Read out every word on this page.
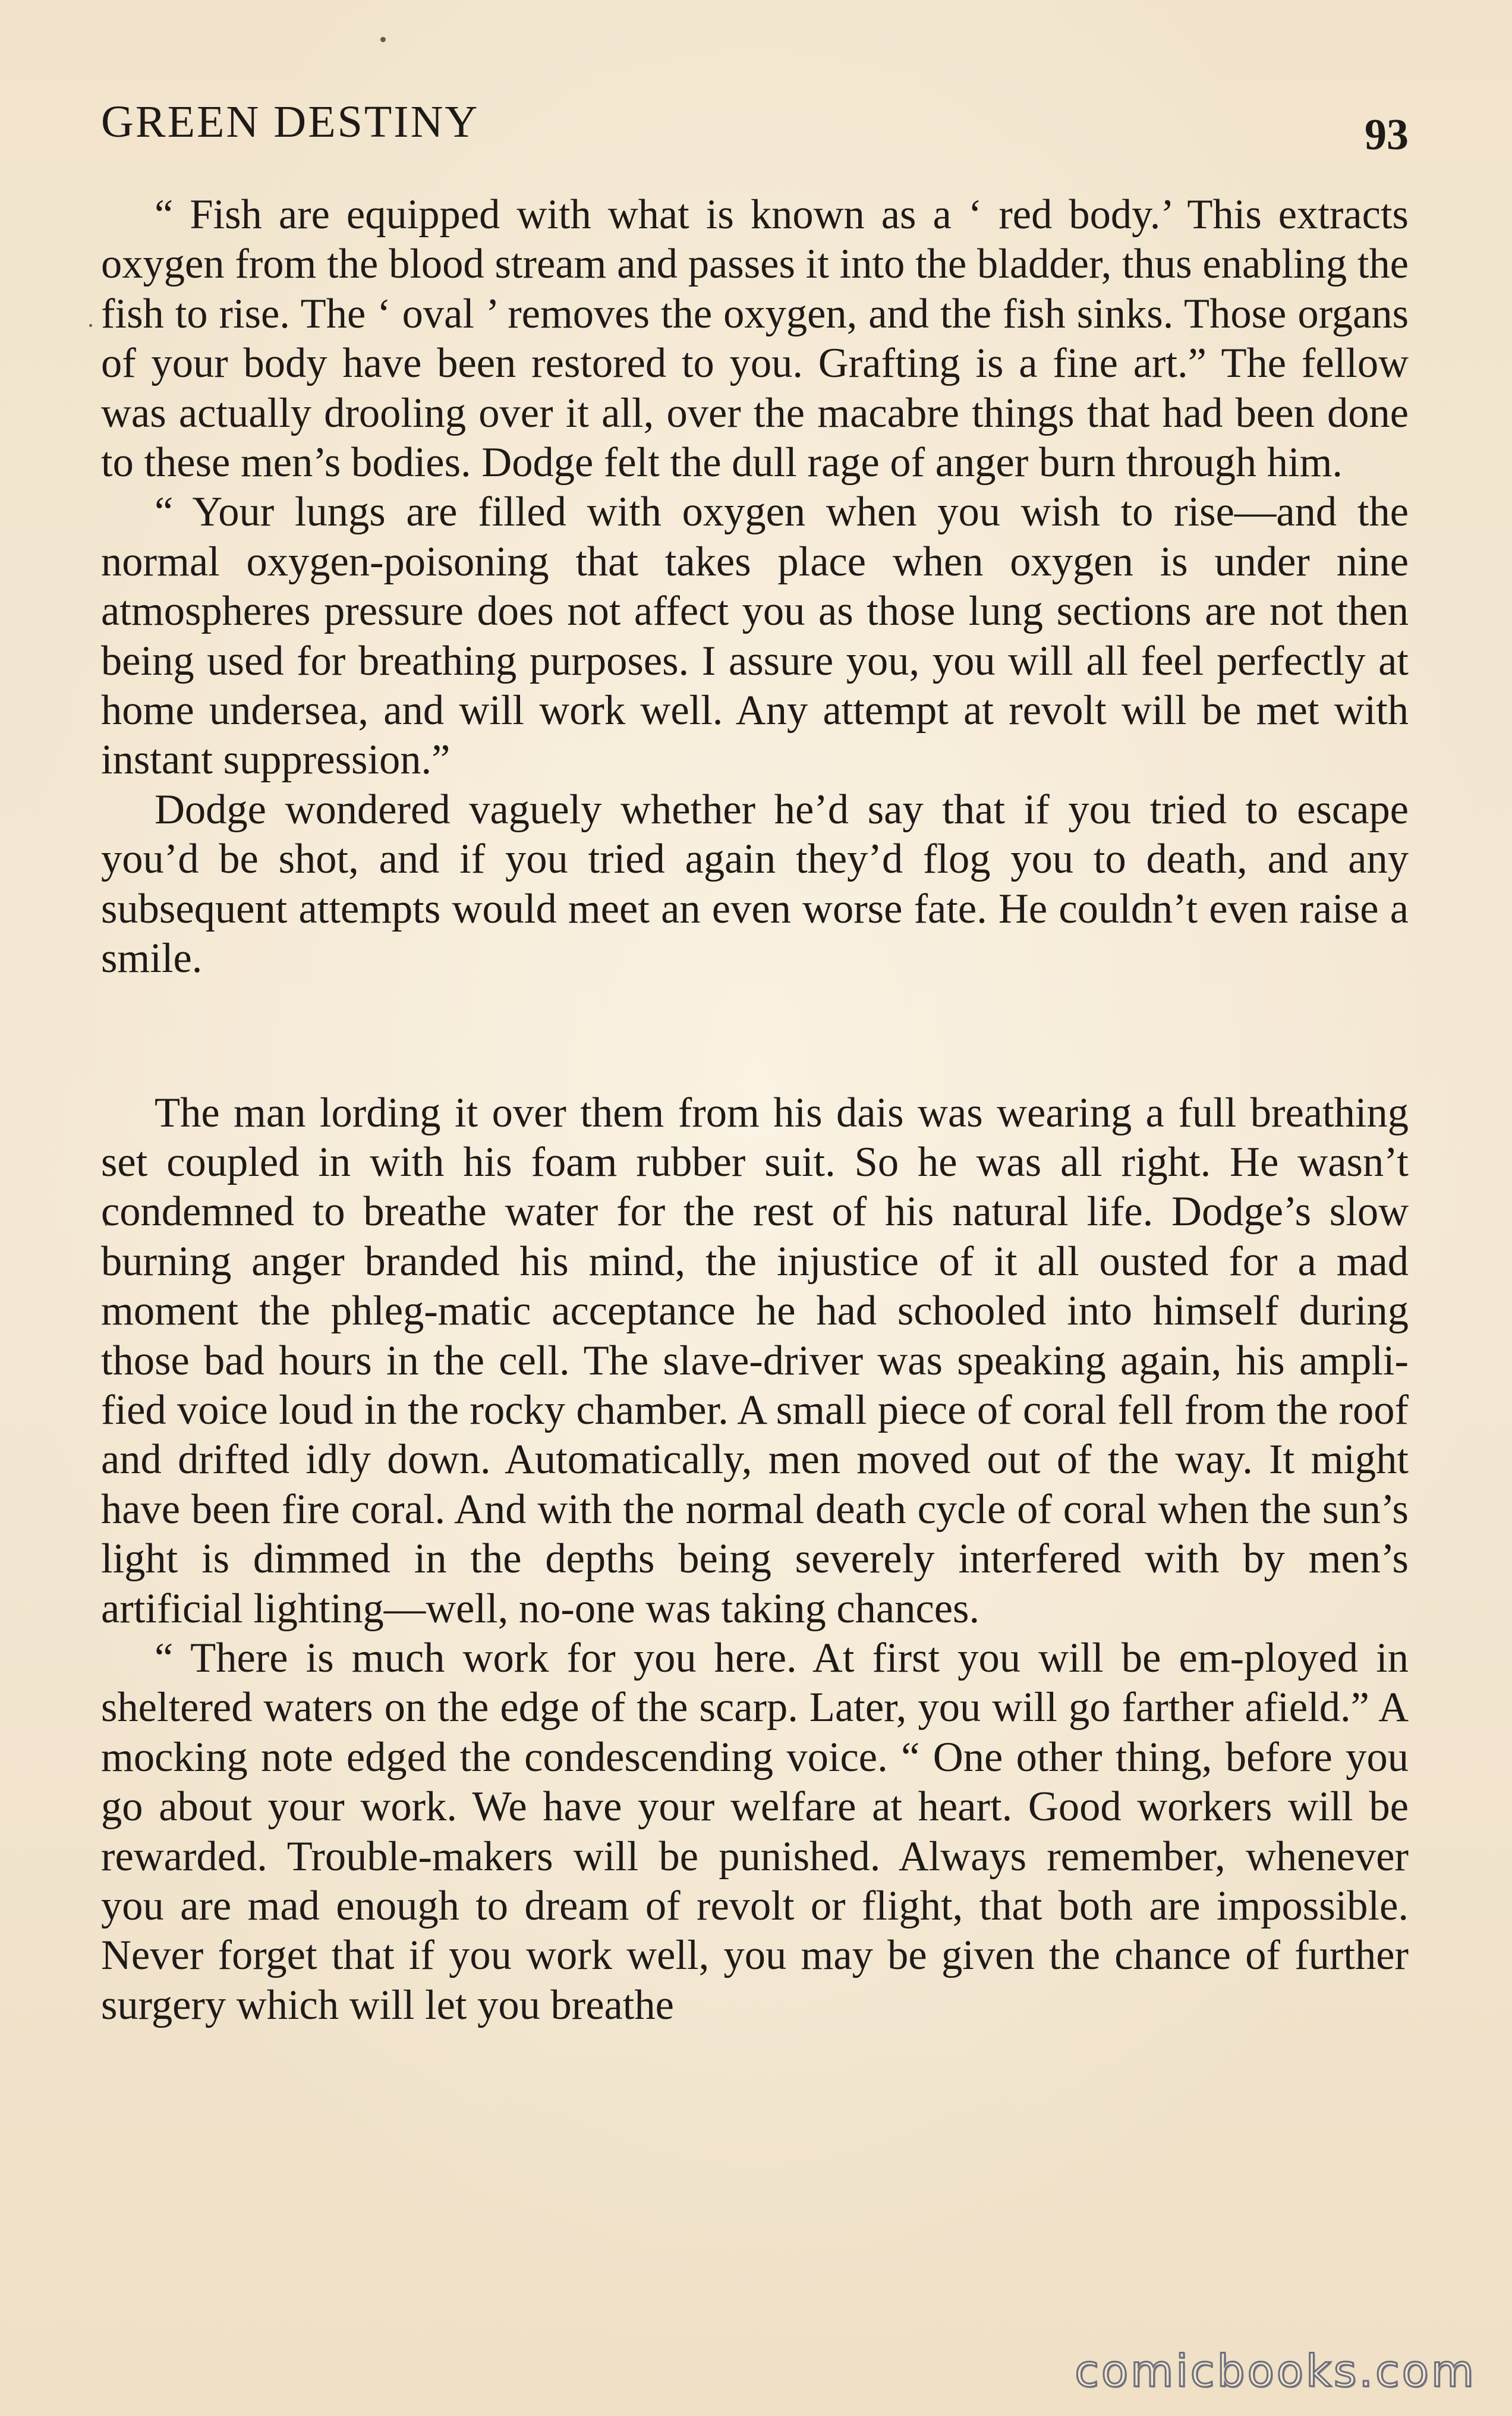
GREEN DESTINY	93

“ Fish are equipped with what is known as a ‘ red body.’ This extracts oxygen from the blood stream and passes it into the bladder, thus enabling the fish to rise. The ‘ oval ’ removes the oxygen, and the fish sinks. Those organs of your body have been restored to you. Grafting is a fine art.” The fellow was actually drooling over it all, over the macabre things that had been done to these men’s bodies. Dodge felt the dull rage of anger burn through him.

“ Your lungs are filled with oxygen when you wish to rise—and the normal oxygen-poisoning that takes place when oxygen is under nine atmospheres pressure does not affect you as those lung sections are not then being used for breathing purposes. I assure you, you will all feel perfectly at home undersea, and will work well. Any attempt at revolt will be met with instant suppression.”

Dodge wondered vaguely whether he’d say that if you tried to escape you’d be shot, and if you tried again they’d flog you to death, and any subsequent attempts would meet an even worse fate. He couldn’t even raise a smile.

The man lording it over them from his dais was wearing a full breathing set coupled in with his foam rubber suit. So he was all right. He wasn’t condemned to breathe water for the rest of his natural life. Dodge’s slow burning anger branded his mind, the injustice of it all ousted for a mad moment the phleg-matic acceptance he had schooled into himself during those bad hours in the cell. The slave-driver was speaking again, his ampli-fied voice loud in the rocky chamber. A small piece of coral fell from the roof and drifted idly down. Automatically, men moved out of the way. It might have been fire coral. And with the normal death cycle of coral when the sun’s light is dimmed in the depths being severely interfered with by men’s artificial lighting—well, no-one was taking chances.

“ There is much work for you here. At first you will be em-ployed in sheltered waters on the edge of the scarp. Later, you will go farther afield.” A mocking note edged the condescending voice. “ One other thing, before you go about your work. We have your welfare at heart. Good workers will be rewarded. Trouble-makers will be punished. Always remember, whenever you are mad enough to dream of revolt or flight, that both are impossible. Never forget that if you work well, you may be given the chance of further surgery which will let you breathe

comicbooks.com
